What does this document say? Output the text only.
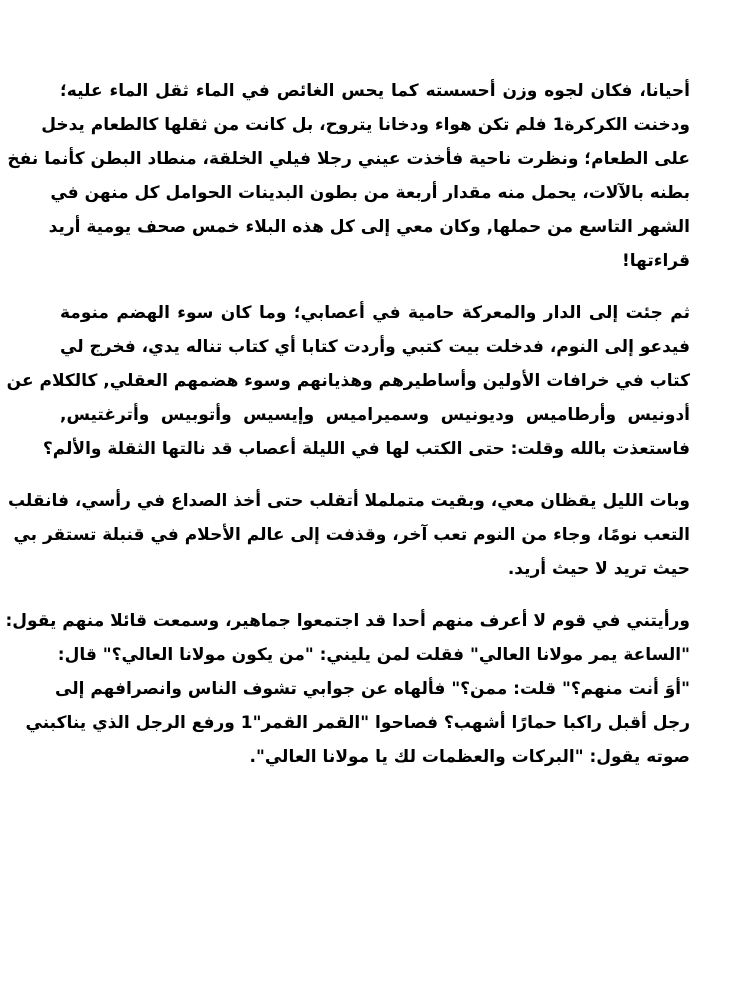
أحيانا، فكان لجوه وزن أحسسته كما يحس الغائص في الماء ثقل الماء عليه؛
ودخنت الكركرة1 فلم تكن هواء ودخانا يتروح، بل كانت من ثقلها كالطعام يدخل
على الطعام؛ ونظرت ناحية فأخذت عيني رجلا فيلي الخلقة، منطاد البطن كأنما نفخ
بطنه بالآلات، يحمل منه مقدار أربعة من بطون البدينات الحوامل كل منهن في
الشهر التاسع من حملها, وكان معي إلى كل هذه البلاء خمس صحف يومية أريد
قراءتها!
ثم جئت إلى الدار والمعركة حامية في أعصابي؛ وما كان سوء الهضم منومة
فيدعو إلى النوم، فدخلت بيت كتبي وأردت كتابا أي كتاب تناله يدي، فخرج لي
كتاب في خرافات الأولين وأساطيرهم وهذيانهم وسوء هضمهم العقلي, كالكلام عن
أدونيس وأرطاميس وديونيس وسميراميس وإيسيس وأتوبيس وأترغتيس,
فاستعذت بالله وقلت: حتى الكتب لها في الليلة أعصاب قد نالتها الثقلة والألم؟
وبات الليل يقظان معي، وبقيت متململا أتقلب حتى أخذ الصداع في رأسي، فانقلب
التعب نومًا، وجاء من النوم تعب آخر، وقذفت إلى عالم الأحلام في قنبلة تستقر بي
حيث تريد لا حيث أريد.
ورأيتني في قوم لا أعرف منهم أحدا قد اجتمعوا جماهير، وسمعت قائلا منهم يقول:
"الساعة يمر مولانا العالي" فقلت لمن يليني: "من يكون مولانا العالي؟" قال:
"أوَ أنت منهم؟" قلت: ممن؟" فألهاه عن جوابي تشوف الناس وانصرافهم إلى
رجل أقبل راكبا حمارًا أشهب؟ فصاحوا "القمر القمر"1 ورفع الرجل الذي يناكبني
صوته يقول: "البركات والعظمات لك يا مولانا العالي".
